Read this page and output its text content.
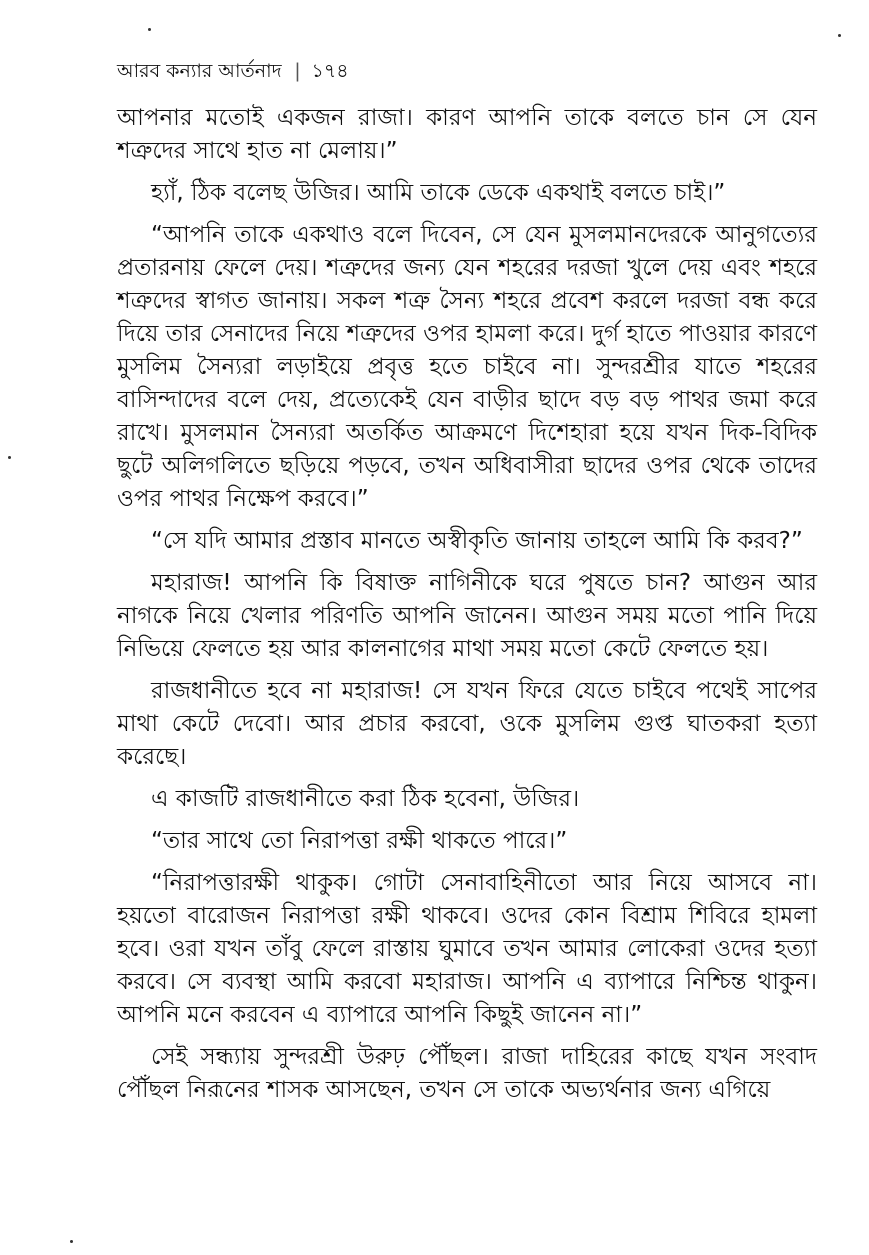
আরব কন্যার আর্তনাদ ❘ ১৭৪

আপনার মতোই একজন রাজা। কারণ আপনি তাকে বলতে চান সে যেন শত্রুদের সাথে হাত না মেলায়।”

হ্যাঁ, ঠিক বলেছ উজির। আমি তাকে ডেকে একথাই বলতে চাই।”

“আপনি তাকে একথাও বলে দিবেন, সে যেন মুসলমানদেরকে আনুগত্যের প্রতারনায় ফেলে দেয়। শত্রুদের জন্য যেন শহরের দরজা খুলে দেয় এবং শহরে শত্রুদের স্বাগত জানায়। সকল শত্রু সৈন্য শহরে প্রবেশ করলে দরজা বন্ধ করে দিয়ে তার সেনাদের নিয়ে শত্রুদের ওপর হামলা করে। দুর্গ হাতে পাওয়ার কারণে মুসলিম সৈন্যরা লড়াইয়ে প্রবৃত্ত হতে চাইবে না। সুন্দরশ্রীর যাতে শহরের বাসিন্দাদের বলে দেয়, প্রত্যেকেই যেন বাড়ীর ছাদে বড় বড় পাথর জমা করে রাখে। মুসলমান সৈন্যরা অতর্কিত আক্রমণে দিশেহারা হয়ে যখন দিক-বিদিক ছুটে অলিগলিতে ছড়িয়ে পড়বে, তখন অধিবাসীরা ছাদের ওপর থেকে তাদের ওপর পাথর নিক্ষেপ করবে।”

“সে যদি আমার প্রস্তাব মানতে অস্বীকৃতি জানায় তাহলে আমি কি করব?”

মহারাজ! আপনি কি বিষাক্ত নাগিনীকে ঘরে পুষতে চান? আগুন আর নাগকে নিয়ে খেলার পরিণতি আপনি জানেন। আগুন সময় মতো পানি দিয়ে নিভিয়ে ফেলতে হয় আর কালনাগের মাথা সময় মতো কেটে ফেলতে হয়।

রাজধানীতে হবে না মহারাজ! সে যখন ফিরে যেতে চাইবে পথেই সাপের মাথা কেটে দেবো। আর প্রচার করবো, ওকে মুসলিম গুপ্ত ঘাতকরা হত্যা করেছে।

এ কাজটি রাজধানীতে করা ঠিক হবেনা, উজির।

“তার সাথে তো নিরাপত্তা রক্ষী থাকতে পারে।”

“নিরাপত্তারক্ষী থাকুক। গোটা সেনাবাহিনীতো আর নিয়ে আসবে না। হয়তো বারোজন নিরাপত্তা রক্ষী থাকবে। ওদের কোন বিশ্রাম শিবিরে হামলা হবে। ওরা যখন তাঁবু ফেলে রাস্তায় ঘুমাবে তখন আমার লোকেরা ওদের হত্যা করবে। সে ব্যবস্থা আমি করবো মহারাজ। আপনি এ ব্যাপারে নিশ্চিন্ত থাকুন। আপনি মনে করবেন এ ব্যাপারে আপনি কিছুই জানেন না।”

সেই সন্ধ্যায় সুন্দরশ্রী উরুঢ় পৌঁছল। রাজা দাহিরের কাছে যখন সংবাদ পৌঁছল নিরূনের শাসক আসছেন, তখন সে তাকে অভ্যর্থনার জন্য এগিয়ে
